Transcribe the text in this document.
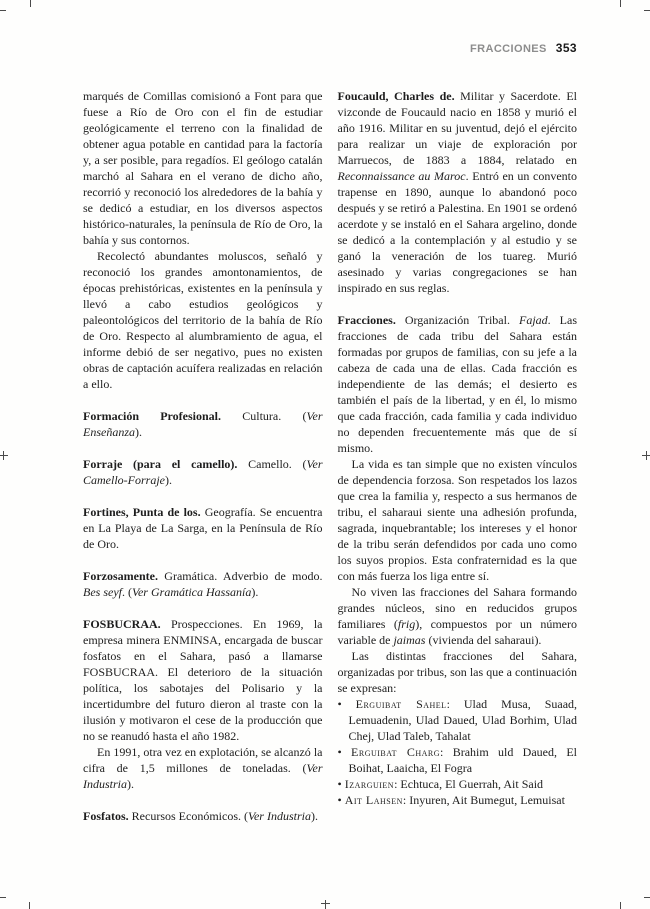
FRACCIONES 353

marqués de Comillas comisionó a Font para que fuese a Río de Oro con el fin de estudiar geológicamente el terreno con la finalidad de obtener agua potable en cantidad para la factoría y, a ser posible, para regadíos. El geólogo catalán marchó al Sahara en el verano de dicho año, recorrió y reconoció los alrededores de la bahía y se dedicó a estudiar, en los diversos aspectos histórico-naturales, la península de Río de Oro, la bahía y sus contornos.

Recolectó abundantes moluscos, señaló y reconoció los grandes amontonamientos, de épocas prehistóricas, existentes en la península y llevó a cabo estudios geológicos y paleontológicos del territorio de la bahía de Río de Oro. Respecto al alumbramiento de agua, el informe debió de ser negativo, pues no existen obras de captación acuífera realizadas en relación a ello.

Formación Profesional. Cultura. (Ver Enseñanza).

Forraje (para el camello). Camello. (Ver Camello-Forraje).

Fortines, Punta de los. Geografía. Se encuentra en La Playa de La Sarga, en la Península de Río de Oro.

Forzosamente. Gramática. Adverbio de modo. Bes seyf. (Ver Gramática Hassanía).

FOSBUCRAA. Prospecciones. En 1969, la empresa minera ENMINSA, encargada de buscar fosfatos en el Sahara, pasó a llamarse FOSBUCRAA. El deterioro de la situación política, los sabotajes del Polisario y la incertidumbre del futuro dieron al traste con la ilusión y motivaron el cese de la producción que no se reanudó hasta el año 1982.

En 1991, otra vez en explotación, se alcanzó la cifra de 1,5 millones de toneladas. (Ver Industria).

Fosfatos. Recursos Económicos. (Ver Industria).

Foucauld, Charles de. Militar y Sacerdote. El vizconde de Foucauld nacio en 1858 y murió el año 1916. Militar en su juventud, dejó el ejército para realizar un viaje de exploración por Marruecos, de 1883 a 1884, relatado en Reconnaissance au Maroc. Entró en un convento trapense en 1890, aunque lo abandonó poco después y se retiró a Palestina. En 1901 se ordenó acerdote y se instaló en el Sahara argelino, donde se dedicó a la contemplación y al estudio y se ganó la veneración de los tuareg. Murió asesinado y varias congregaciones se han inspirado en sus reglas.

Fracciones. Organización Tribal. Fajad. Las fracciones de cada tribu del Sahara están formadas por grupos de familias, con su jefe a la cabeza de cada una de ellas. Cada fracción es independiente de las demás; el desierto es también el país de la libertad, y en él, lo mismo que cada fracción, cada familia y cada individuo no dependen frecuentemente más que de sí mismo.

La vida es tan simple que no existen vínculos de dependencia forzosa. Son respetados los lazos que crea la familia y, respecto a sus hermanos de tribu, el saharaui siente una adhesión profunda, sagrada, inquebrantable; los intereses y el honor de la tribu serán defendidos por cada uno como los suyos propios. Esta confraternidad es la que con más fuerza los liga entre sí.

No viven las fracciones del Sahara formando grandes núcleos, sino en reducidos grupos familiares (frig), compuestos por un número variable de jaimas (vivienda del saharaui).

Las distintas fracciones del Sahara, organizadas por tribus, son las que a continuación se expresan:

• Erguibat Sahel: Ulad Musa, Suaad, Lemuadenin, Ulad Daued, Ulad Borhim, Ulad Chej, Ulad Taleb, Tahalat

• Erguibat Charg: Brahim uld Daued, El Boihat, Laaicha, El Fogra

• Izarguien: Echtuca, El Guerrah, Ait Said

• Ait Lahsen: Inyuren, Ait Bumegut, Lemuisat
